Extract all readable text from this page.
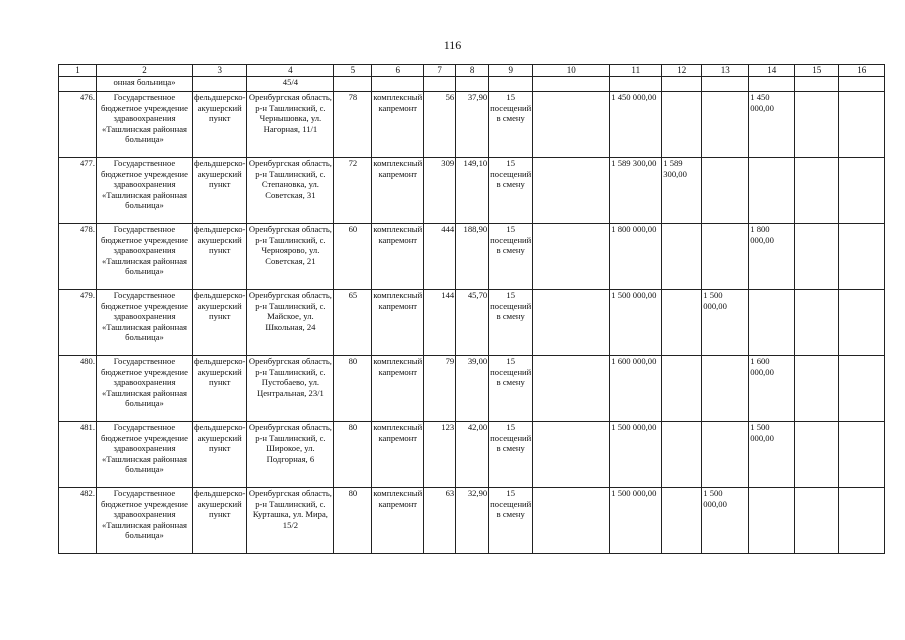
116
1	2	3	4	5	6	7	8	9	10	11	12	13	14	15	16
	онная больница»		45/4												
476.	Государственное бюджетное учреждение здравоохранения «Ташлинская районная больница»	фельдшерско-акушерский пункт	Оренбургская область, р-н Ташлинский, с. Чернышовка, ул. Нагорная, 11/1	78	комплексный капремонт	56	37,90	15 посещений в смену		1 450 000,00			1 450 000,00		
477.	Государственное бюджетное учреждение здравоохранения «Ташлинская районная больница»	фельдшерско-акушерский пункт	Оренбургская область, р-н Ташлинский, с. Степановка, ул. Советская, 31	72	комплексный капремонт	309	149,10	15 посещений в смену		1 589 300,00	1 589 300,00				
478.	Государственное бюджетное учреждение здравоохранения «Ташлинская районная больница»	фельдшерско-акушерский пункт	Оренбургская область, р-н Ташлинский, с. Черноярово, ул. Советская, 21	60	комплексный капремонт	444	188,90	15 посещений в смену		1 800 000,00			1 800 000,00		
479.	Государственное бюджетное учреждение здравоохранения «Ташлинская районная больница»	фельдшерско-акушерский пункт	Оренбургская область, р-н Ташлинский, с. Майское, ул. Школьная, 24	65	комплексный капремонт	144	45,70	15 посещений в смену		1 500 000,00		1 500 000,00			
480.	Государственное бюджетное учреждение здравоохранения «Ташлинская районная больница»	фельдшерско-акушерский пункт	Оренбургская область, р-н Ташлинский, с. Пустобаево, ул. Центральная, 23/1	80	комплексный капремонт	79	39,00	15 посещений в смену		1 600 000,00			1 600 000,00		
481.	Государственное бюджетное учреждение здравоохранения «Ташлинская районная больница»	фельдшерско-акушерский пункт	Оренбургская область, р-н Ташлинский, с. Широкое, ул. Подгорная, 6	80	комплексный капремонт	123	42,00	15 посещений в смену		1 500 000,00			1 500 000,00		
482.	Государственное бюджетное учреждение здравоохранения «Ташлинская районная больница»	фельдшерско-акушерский пункт	Оренбургская область, р-н Ташлинский, с. Курташка, ул. Мира, 15/2	80	комплексный капремонт	63	32,90	15 посещений в смену		1 500 000,00		1 500 000,00			
